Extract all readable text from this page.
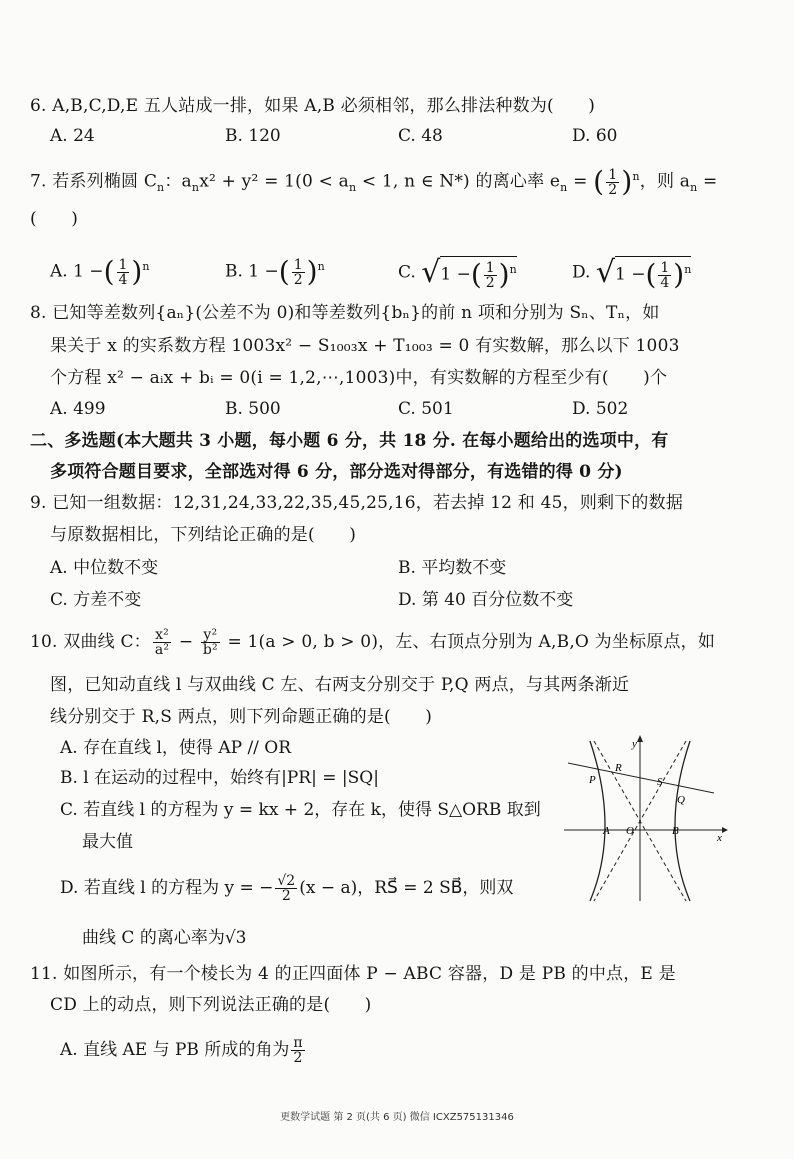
6. A,B,C,D,E 五人站成一排，如果 A,B 必须相邻，那么排法种数为(　　)
A. 24	B. 120	C. 48	D. 60
7. 若系列椭圆 $C_n$：$a_nx^2 + y^2 = 1(0 < a_n < 1$, n ∈ N*) 的离心率 $e_n$ = ( $\frac{1}{2} )^n$，则 $a_n$ =
(　　)
A. 1 −( $\frac{1}{4} )^n$	B. 1 −( $\frac{1}{2} )^n$	C. √1 −( $\frac{1}{2} )^n$	D. √1 −( $\frac{1}{4} )^n$
8. 已知等差数列{aₙ}(公差不为 0)和等差数列{bₙ}的前 n 项和分别为 Sₙ、Tₙ，如
果关于 x 的实系数方程 1003x² − S₁₀₀₃x + T₁₀₀₃ = 0 有实数解，那么以下 1003
个方程 x² − aᵢx + bᵢ = 0(i = 1,2,⋯,1003)中，有实数解的方程至少有(　　)个
A. 499	B. 500	C. 501	D. 502
二、多选题(本大题共 3 小题，每小题 6 分，共 18 分. 在每小题给出的选项中，有
多项符合题目要求，全部选对得 6 分，部分选对得部分，有选错的得 0 分)
9. 已知一组数据：12,31,24,33,22,35,45,25,16，若去掉 12 和 45，则剩下的数据
与原数据相比，下列结论正确的是(　　)
A. 中位数不变	B. 平均数不变
C. 方差不变	D. 第 40 百分位数不变
10. 双曲线 C： $\frac{\text{x²}}{\text{a²}} - \frac{\text{y²}}{\text{b²}} = 1(a > 0$, b > 0)，左、右顶点分别为 A,B,O 为坐标原点，如
图，已知动直线 l 与双曲线 C 左、右两支分别交于 P,Q 两点，与其两条渐近
线分别交于 R,S 两点，则下列命题正确的是(　　)
A. 存在直线 l，使得 AP // OR
B. l 在运动的过程中，始终有|PR| = |SQ|
C. 若直线 l 的方程为 y = kx + 2，存在 k，使得 S△ORB 取到
最大值
D. 若直线 l 的方程为 y = − $\frac{√2}{2} (x - a)$，RS⃗ = 2 SB⃗，则双
曲线 C 的离心率为√3
y
x
P
R
S
Q
A O	B
11. 如图所示，有一个棱长为 4 的正四面体 P − ABC 容器，D 是 PB 的中点，E 是
CD 上的动点，则下列说法正确的是(　　)
A. 直线 AE 与 PB 所成的角为 $\frac{\pi}{2}$
更数学试题 第 2 页(共 6 页) 微信 ICXZ575131346
